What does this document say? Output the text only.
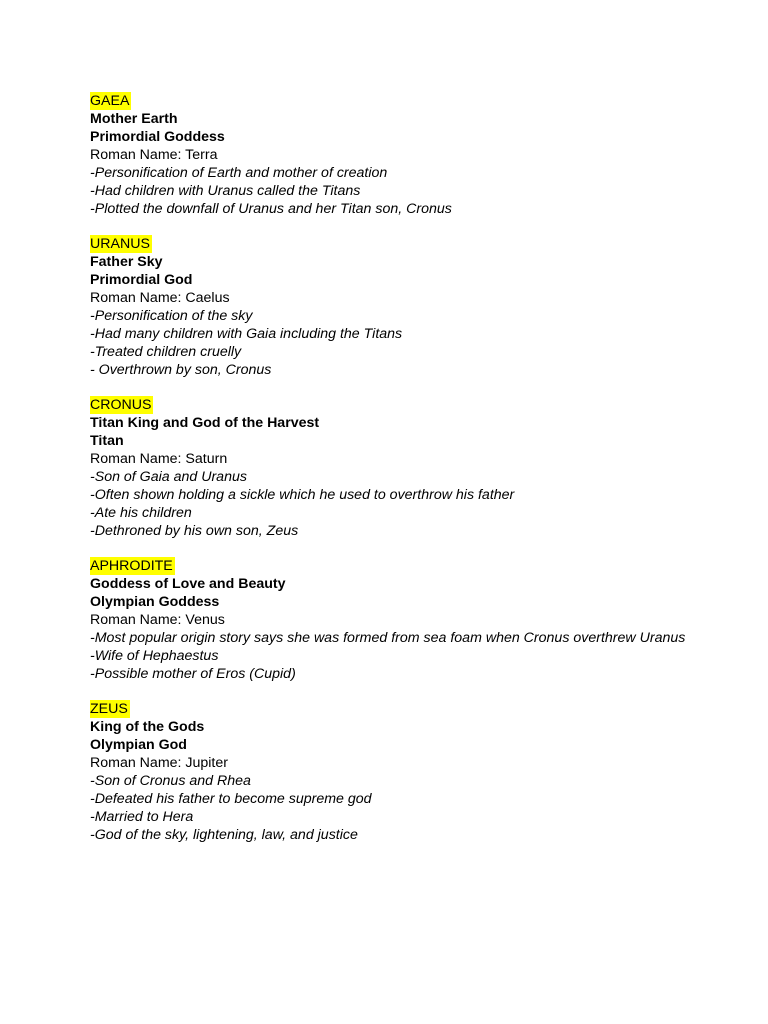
GAEA
Mother Earth
Primordial Goddess
Roman Name: Terra
-Personification of Earth and mother of creation
-Had children with Uranus called the Titans
-Plotted the downfall of Uranus and her Titan son, Cronus
URANUS
Father Sky
Primordial God
Roman Name: Caelus
-Personification of the sky
-Had many children with Gaia including the Titans
-Treated children cruelly
- Overthrown by son, Cronus
CRONUS
Titan King and God of the Harvest
Titan
Roman Name: Saturn
-Son of Gaia and Uranus
-Often shown holding a sickle which he used to overthrow his father
-Ate his children
-Dethroned by his own son, Zeus
APHRODITE
Goddess of Love and Beauty
Olympian Goddess
Roman Name: Venus
-Most popular origin story says she was formed from sea foam when Cronus overthrew Uranus
-Wife of Hephaestus
-Possible mother of Eros (Cupid)
ZEUS
King of the Gods
Olympian God
Roman Name: Jupiter
-Son of Cronus and Rhea
-Defeated his father to become supreme god
-Married to Hera
-God of the sky, lightening, law, and justice
